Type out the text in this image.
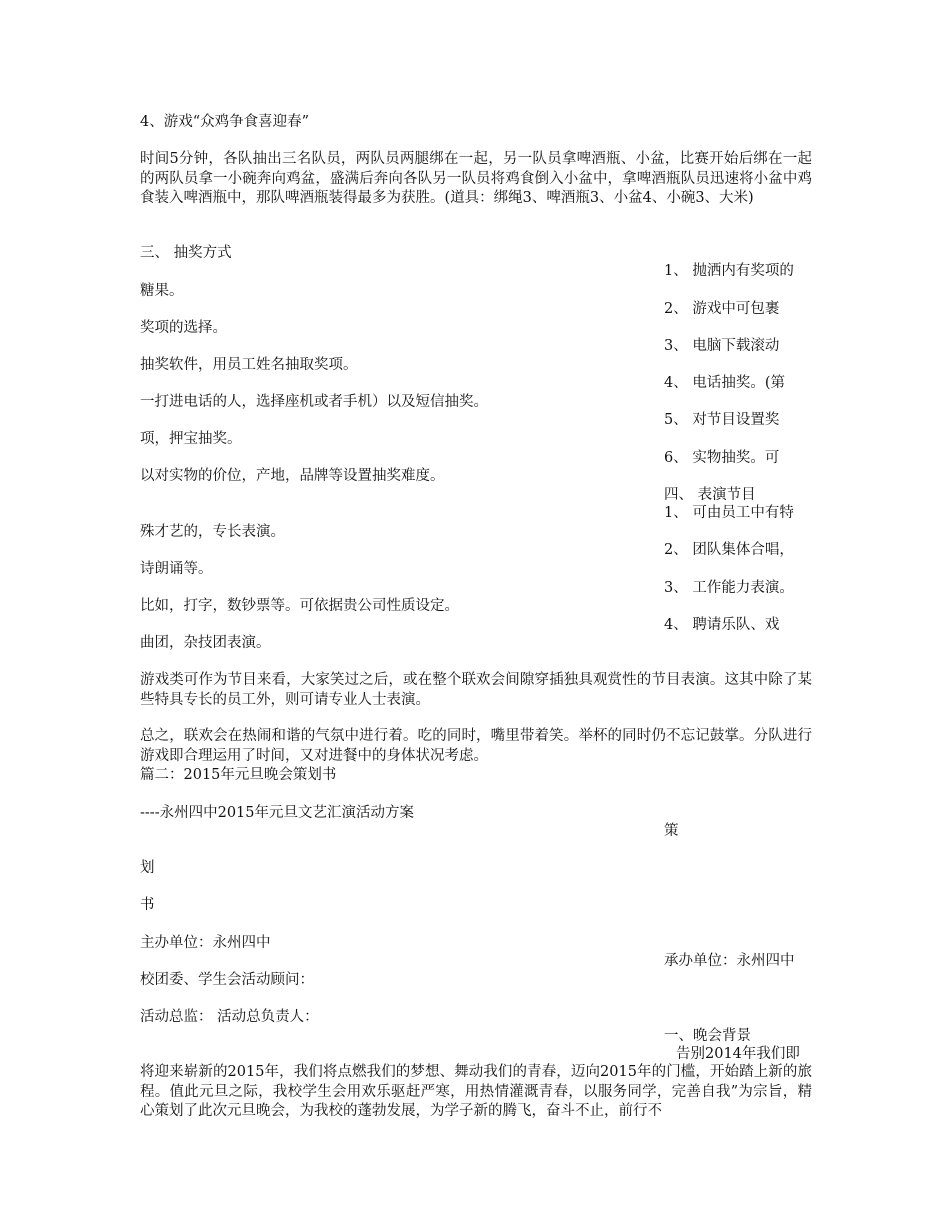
4、游戏“众鸡争食喜迎春”
时间5分钟，各队抽出三名队员，两队员两腿绑在一起，另一队员拿啤酒瓶、小盆，比赛开始后绑在一起的两队员拿一小碗奔向鸡盆，盛满后奔向各队另一队员将鸡食倒入小盆中，拿啤酒瓶队员迅速将小盆中鸡食装入啤酒瓶中，那队啤酒瓶装得最多为获胜。(道具：绑绳3、啤酒瓶3、小盆4、小碗3、大米)
三、 抽奖方式
1、 抛洒内有奖项的
糖果。
2、 游戏中可包裹
奖项的选择。
3、 电脑下载滚动
抽奖软件，用员工姓名抽取奖项。
4、 电话抽奖。(第
一打进电话的人，选择座机或者手机）以及短信抽奖。
5、 对节目设置奖
项，押宝抽奖。
6、 实物抽奖。可
以对实物的价位，产地，品牌等设置抽奖难度。
四、 表演节目
1、 可由员工中有特
殊才艺的，专长表演。
2、 团队集体合唱，
诗朗诵等。
3、 工作能力表演。
比如，打字，数钞票等。可依据贵公司性质设定。
4、 聘请乐队、戏
曲团，杂技团表演。
游戏类可作为节目来看，大家笑过之后，或在整个联欢会间隙穿插独具观赏性的节目表演。这其中除了某些特具专长的员工外，则可请专业人士表演。
总之，联欢会在热闹和谐的气氛中进行着。吃的同时，嘴里带着笑。举杯的同时仍不忘记鼓掌。分队进行游戏即合理运用了时间，又对进餐中的身体状况考虑。
篇二：2015年元旦晚会策划书
----永州四中2015年元旦文艺汇演活动方案
策
划
书
主办单位：永州四中
承办单位：永州四中
校团委、学生会活动顾问：
活动总监： 活动总负责人：
一、晚会背景
告别2014年我们即
将迎来崭新的2015年，我们将点燃我们的梦想、舞动我们的青春，迈向2015年的门槛，开始踏上新的旅程。值此元旦之际，我校学生会用欢乐驱赶严寒，用热情灌溉青春，以服务同学，完善自我”为宗旨，精心策划了此次元旦晚会，为我校的蓬勃发展，为学子新的腾飞，奋斗不止，前行不
